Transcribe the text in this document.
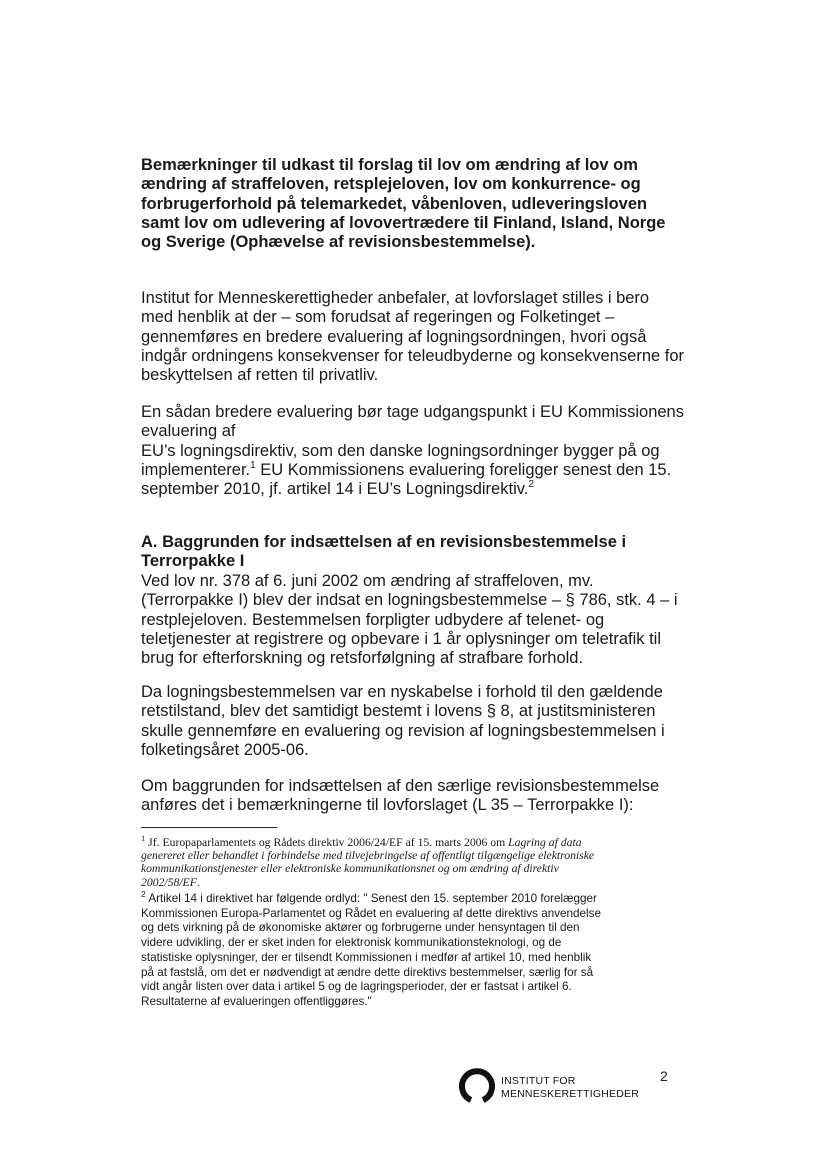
Bemærkninger til udkast til forslag til lov om ændring af lov om
ændring af straffeloven, retsplejeloven, lov om konkurrence- og
forbrugerforhold på telemarkedet, våbenloven, udleveringsloven
samt lov om udlevering af lovovertrædere til Finland, Island, Norge
og Sverige (Ophævelse af revisionsbestemmelse).

Institut for Menneskerettigheder anbefaler, at lovforslaget stilles i bero
med henblik at der – som forudsat af regeringen og Folketinget –
gennemføres en bredere evaluering af logningsordningen, hvori også
indgår ordningens konsekvenser for teleudbyderne og konsekvenserne for
beskyttelsen af retten til privatliv.

En sådan bredere evaluering bør tage udgangspunkt i EU Kommissionens
evaluering af
EU’s logningsdirektiv, som den danske logningsordninger bygger på og
implementerer.$^1$ EU Kommissionens evaluering foreligger senest den 15.
september 2010, jf. artikel 14 i EU’s Logningsdirektiv.$^2$

A. Baggrunden for indsættelsen af en revisionsbestemmelse i
Terrorpakke I

Ved lov nr. 378 af 6. juni 2002 om ændring af straffeloven, mv.
(Terrorpakke I) blev der indsat en logningsbestemmelse – § 786, stk. 4 – i
restplejeloven. Bestemmelsen forpligter udbydere af telenet- og
teletjenester at registrere og opbevare i 1 år oplysninger om teletrafik til
brug for efterforskning og retsforfølgning af strafbare forhold.

Da logningsbestemmelsen var en nyskabelse i forhold til den gældende
retstilstand, blev det samtidigt bestemt i lovens § 8, at justitsministeren
skulle gennemføre en evaluering og revision af logningsbestemmelsen i
folketingsåret 2005-06.

Om baggrunden for indsættelsen af den særlige revisionsbestemmelse
anføres det i bemærkningerne til lovforslaget (L 35 – Terrorpakke I):

$^1$ Jf. Europaparlamentets og Rådets direktiv 2006/24/EF af 15. marts 2006 om Lagring af data
genereret eller behandlet i forbindelse med tilvejebringelse af offentligt tilgængelige elektroniske
kommunikationstjenester eller elektroniske kommunikationsnet og om ændring af direktiv
2002/58/EF.

$^2$ Artikel 14 i direktivet har følgende ordlyd: " Senest den 15. september 2010 forelægger
Kommissionen Europa-Parlamentet og Rådet en evaluering af dette direktivs anvendelse
og dets virkning på de økonomiske aktører og forbrugerne under hensyntagen til den
videre udvikling, der er sket inden for elektronisk kommunikationsteknologi, og de
statistiske oplysninger, der er tilsendt Kommissionen i medfør af artikel 10, med henblik
på at fastslå, om det er nødvendigt at ændre dette direktivs bestemmelser, særlig for så
vidt angår listen over data i artikel 5 og de lagringsperioder, der er fastsat i artikel 6.
Resultaterne af evalueringen offentliggøres."

INSTITUT FOR
MENNESKERETTIGHEDER
2
